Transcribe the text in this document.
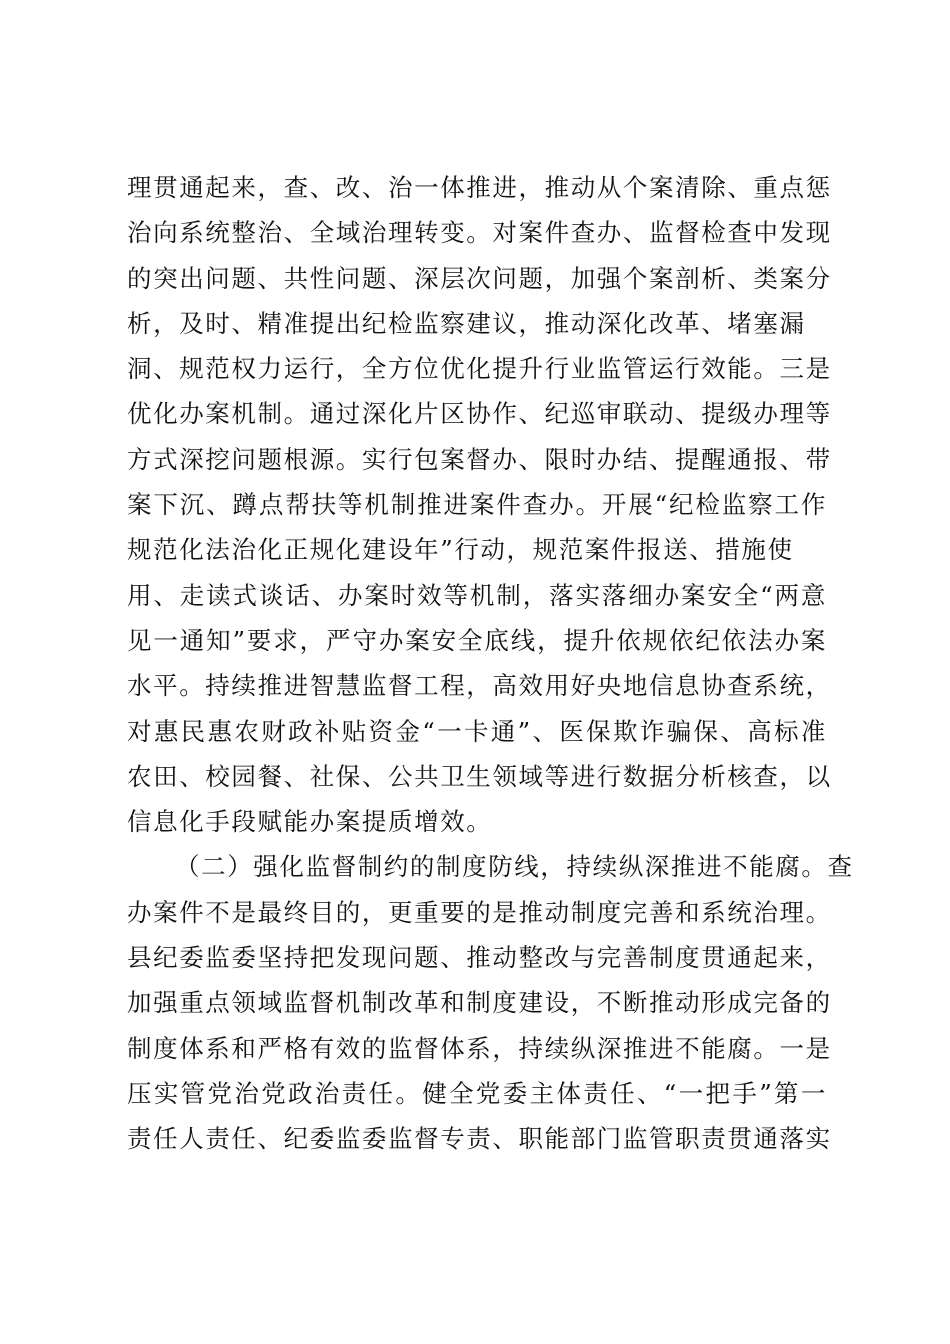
理贯通起来，查、改、治一体推进，推动从个案清除、重点惩
治向系统整治、全域治理转变。对案件查办、监督检查中发现
的突出问题、共性问题、深层次问题，加强个案剖析、类案分
析，及时、精准提出纪检监察建议，推动深化改革、堵塞漏
洞、规范权力运行，全方位优化提升行业监管运行效能。三是
优化办案机制。通过深化片区协作、纪巡审联动、提级办理等
方式深挖问题根源。实行包案督办、限时办结、提醒通报、带
案下沉、蹲点帮扶等机制推进案件查办。开展“纪检监察工作
规范化法治化正规化建设年”行动，规范案件报送、措施使
用、走读式谈话、办案时效等机制，落实落细办案安全“两意
见一通知”要求，严守办案安全底线，提升依规依纪依法办案
水平。持续推进智慧监督工程，高效用好央地信息协查系统，
对惠民惠农财政补贴资金“一卡通”、医保欺诈骗保、高标准
农田、校园餐、社保、公共卫生领域等进行数据分析核查，以
信息化手段赋能办案提质增效。
（二）强化监督制约的制度防线，持续纵深推进不能腐。查
办案件不是最终目的，更重要的是推动制度完善和系统治理。
县纪委监委坚持把发现问题、推动整改与完善制度贯通起来，
加强重点领域监督机制改革和制度建设，不断推动形成完备的
制度体系和严格有效的监督体系，持续纵深推进不能腐。一是
压实管党治党政治责任。健全党委主体责任、“一把手”第一
责任人责任、纪委监委监督专责、职能部门监管职责贯通落实
